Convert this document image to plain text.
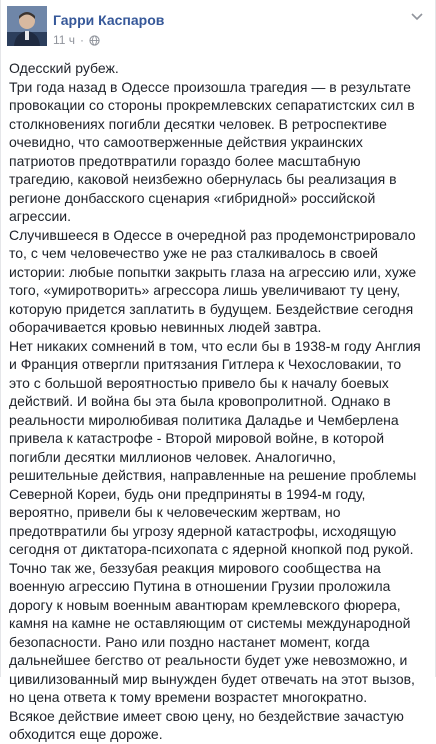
Гарри Каспаров
11 ч ·

Одесский рубеж.

Три года назад в Одессе произошла трагедия — в результате провокации со стороны прокремлевских сепаратистских сил в столкновениях погибли десятки человек. В ретроспективе очевидно, что самоотверженные действия украинских патриотов предотвратили гораздо более масштабную трагедию, каковой неизбежно обернулась бы реализация в регионе донбасского сценария «гибридной» российской агрессии.

Случившееся в Одессе в очередной раз продемонстрировало то, с чем человечество уже не раз сталкивалось в своей истории: любые попытки закрыть глаза на агрессию или, хуже того, «умиротворить» агрессора лишь увеличивают ту цену, которую придется заплатить в будущем. Бездействие сегодня оборачивается кровью невинных людей завтра.

Нет никаких сомнений в том, что если бы в 1938-м году Англия и Франция отвергли притязания Гитлера к Чехословакии, то это с большой вероятностью привело бы к началу боевых действий. И война бы эта была кровопролитной. Однако в реальности миролюбивая политика Даладье и Чемберлена привела к катастрофе - Второй мировой войне, в которой погибли десятки миллионов человек. Аналогично, решительные действия, направленные на решение проблемы Северной Кореи, будь они предприняты в 1994-м году, вероятно, привели бы к человеческим жертвам, но предотвратили бы угрозу ядерной катастрофы, исходящую сегодня от диктатора-психопата с ядерной кнопкой под рукой.

Точно так же, беззубая реакция мирового сообщества на военную агрессию Путина в отношении Грузии проложила дорогу к новым военным авантюрам кремлевского фюрера, камня на камне не оставляющим от системы международной безопасности. Рано или поздно настанет момент, когда дальнейшее бегство от реальности будет уже невозможно, и цивилизованный мир вынужден будет отвечать на этот вызов, но цена ответа к тому времени возрастет многократно.

Всякое действие имеет свою цену, но бездействие зачастую обходится еще дороже.
